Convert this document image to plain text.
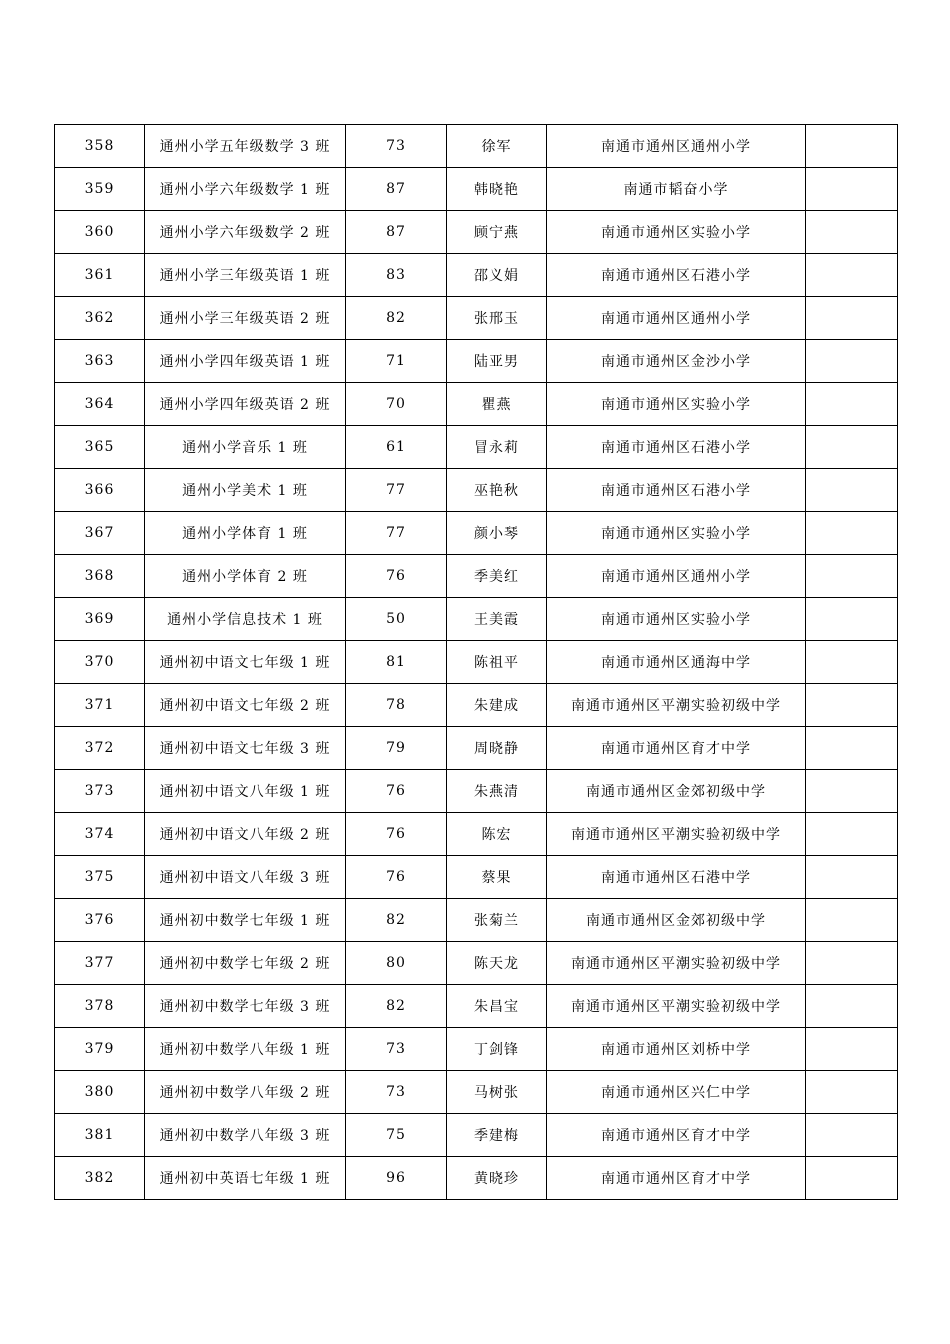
358	通州小学五年级数学 3 班	73	徐军	南通市通州区通州小学	
359	通州小学六年级数学 1 班	87	韩晓艳	南通市韬奋小学	
360	通州小学六年级数学 2 班	87	顾宁燕	南通市通州区实验小学	
361	通州小学三年级英语 1 班	83	邵义娟	南通市通州区石港小学	
362	通州小学三年级英语 2 班	82	张邢玉	南通市通州区通州小学	
363	通州小学四年级英语 1 班	71	陆亚男	南通市通州区金沙小学	
364	通州小学四年级英语 2 班	70	瞿燕	南通市通州区实验小学	
365	通州小学音乐 1 班	61	冒永莉	南通市通州区石港小学	
366	通州小学美术 1 班	77	巫艳秋	南通市通州区石港小学	
367	通州小学体育 1 班	77	颜小琴	南通市通州区实验小学	
368	通州小学体育 2 班	76	季美红	南通市通州区通州小学	
369	通州小学信息技术 1 班	50	王美霞	南通市通州区实验小学	
370	通州初中语文七年级 1 班	81	陈祖平	南通市通州区通海中学	
371	通州初中语文七年级 2 班	78	朱建成	南通市通州区平潮实验初级中学	
372	通州初中语文七年级 3 班	79	周晓静	南通市通州区育才中学	
373	通州初中语文八年级 1 班	76	朱燕清	南通市通州区金郊初级中学	
374	通州初中语文八年级 2 班	76	陈宏	南通市通州区平潮实验初级中学	
375	通州初中语文八年级 3 班	76	蔡果	南通市通州区石港中学	
376	通州初中数学七年级 1 班	82	张菊兰	南通市通州区金郊初级中学	
377	通州初中数学七年级 2 班	80	陈天龙	南通市通州区平潮实验初级中学	
378	通州初中数学七年级 3 班	82	朱昌宝	南通市通州区平潮实验初级中学	
379	通州初中数学八年级 1 班	73	丁剑锋	南通市通州区刘桥中学	
380	通州初中数学八年级 2 班	73	马树张	南通市通州区兴仁中学	
381	通州初中数学八年级 3 班	75	季建梅	南通市通州区育才中学	
382	通州初中英语七年级 1 班	96	黄晓珍	南通市通州区育才中学	
